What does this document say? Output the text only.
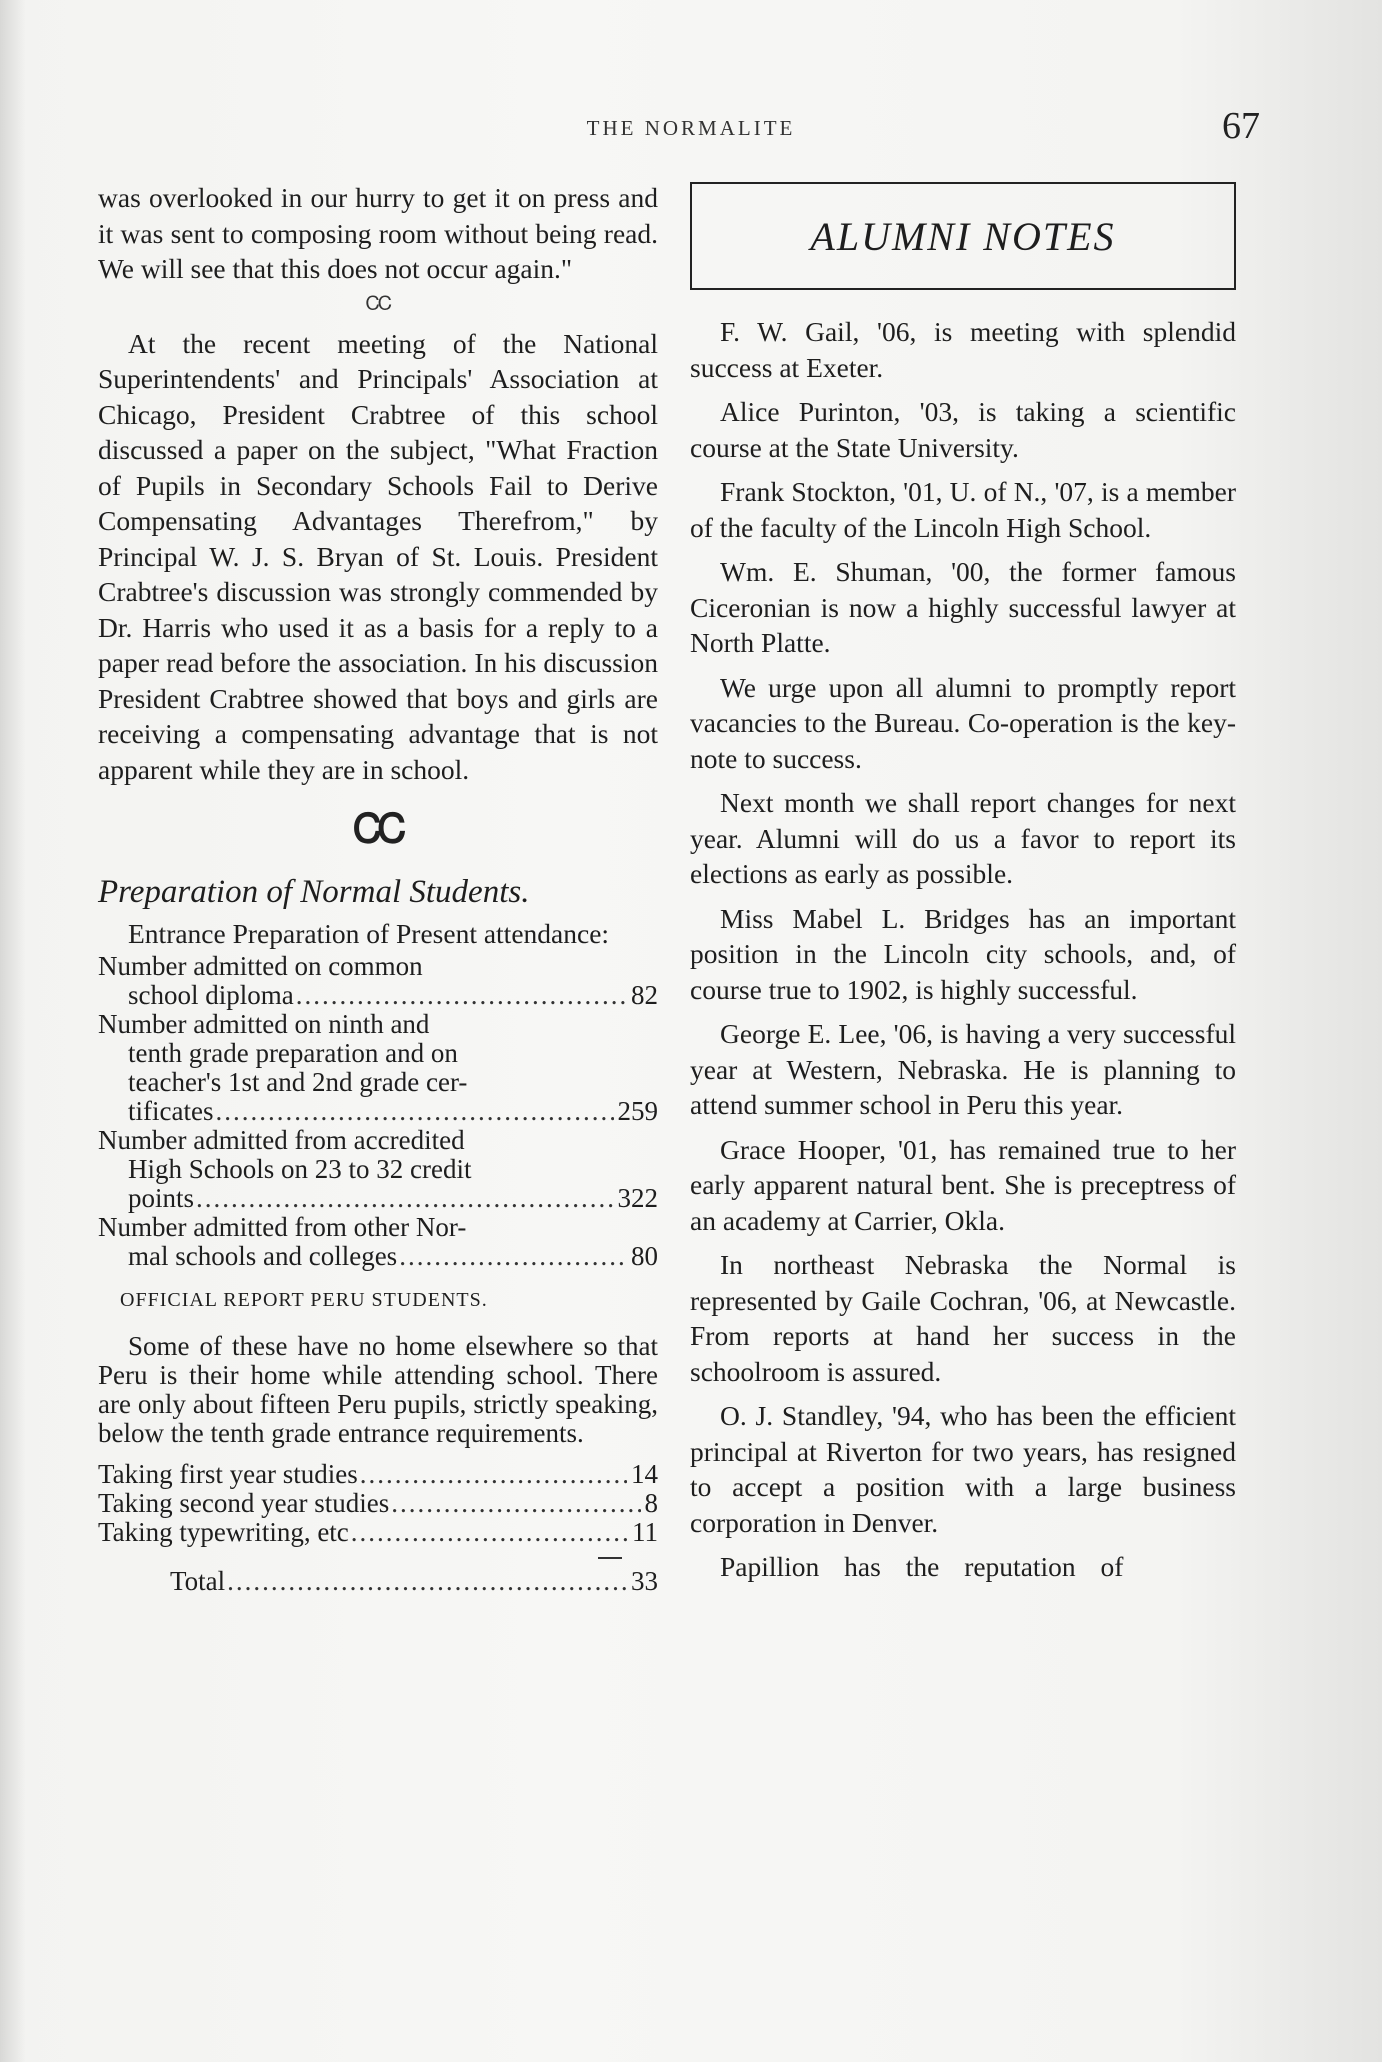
THE NORMALITE	67

was overlooked in our hurry to get it on press and it was sent to composing room without being read. We will see that this does not occur again."

ᏟᏟ

At the recent meeting of the National Superintendents' and Principals' Association at Chicago, President Crabtree of this school discussed a paper on the subject, "What Fraction of Pupils in Secondary Schools Fail to Derive Compensating Advantages Therefrom," by Principal W. J. S. Bryan of St. Louis. President Crabtree's discussion was strongly commended by Dr. Harris who used it as a basis for a reply to a paper read before the association. In his discussion President Crabtree showed that boys and girls are receiving a compensating advantage that is not apparent while they are in school.

ᏟᏟ
Preparation of Normal Students.

Entrance Preparation of Present attendance:

Number admitted on common
school diploma .....	82
Number admitted on ninth and
tenth grade preparation and on
teacher's 1st and 2nd grade cer-
tificates .....	259
Number admitted from accredited
High Schools on 23 to 32 credit
points .....	322
Number admitted from other Nor-
mal schools and colleges .....	80
OFFICIAL REPORT PERU STUDENTS.

Some of these have no home elsewhere so that Peru is their home while attending school. There are only about fifteen Peru pupils, strictly speaking, below the tenth grade entrance requirements.

Taking first year studies .....	14
Taking second year studies .....	8
Taking typewriting, etc .....	11
Total .....	33
ALUMNI NOTES

F. W. Gail, '06, is meeting with splendid success at Exeter.

Alice Purinton, '03, is taking a scientific course at the State University.

Frank Stockton, '01, U. of N., '07, is a member of the faculty of the Lincoln High School.

Wm. E. Shuman, '00, the former famous Ciceronian is now a highly successful lawyer at North Platte.

We urge upon all alumni to promptly report vacancies to the Bureau. Co-operation is the key-note to success.

Next month we shall report changes for next year. Alumni will do us a favor to report its elections as early as possible.

Miss Mabel L. Bridges has an important position in the Lincoln city schools, and, of course true to 1902, is highly successful.

George E. Lee, '06, is having a very successful year at Western, Nebraska. He is planning to attend summer school in Peru this year.

Grace Hooper, '01, has remained true to her early apparent natural bent. She is preceptress of an academy at Carrier, Okla.

In northeast Nebraska the Normal is represented by Gaile Cochran, '06, at Newcastle. From reports at hand her success in the schoolroom is assured.

O. J. Standley, '94, who has been the efficient principal at Riverton for two years, has resigned to accept a position with a large business corporation in Denver.

Papillion has the reputation of
